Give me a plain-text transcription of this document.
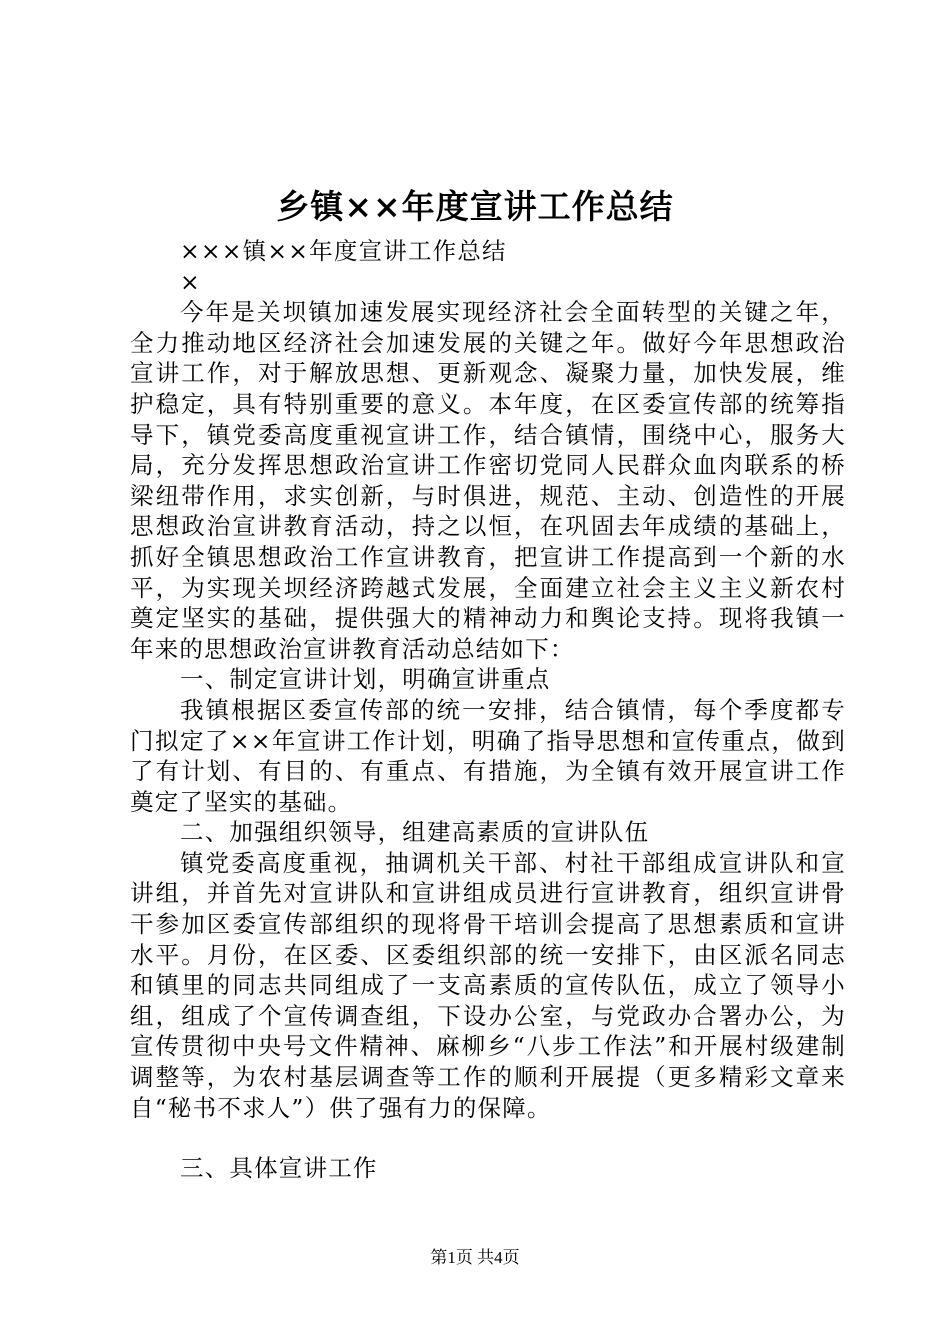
乡镇××年度宣讲工作总结

×××镇××年度宣讲工作总结

×

今年是关坝镇加速发展实现经济社会全面转型的关键之年，全力推动地区经济社会加速发展的关键之年。做好今年思想政治宣讲工作，对于解放思想、更新观念、凝聚力量，加快发展，维护稳定，具有特别重要的意义。本年度，在区委宣传部的统筹指导下，镇党委高度重视宣讲工作，结合镇情，围绕中心，服务大局，充分发挥思想政治宣讲工作密切党同人民群众血肉联系的桥梁纽带作用，求实创新，与时俱进，规范、主动、创造性的开展思想政治宣讲教育活动，持之以恒，在巩固去年成绩的基础上，抓好全镇思想政治工作宣讲教育，把宣讲工作提高到一个新的水平，为实现关坝经济跨越式发展，全面建立社会主义主义新农村奠定坚实的基础，提供强大的精神动力和舆论支持。现将我镇一年来的思想政治宣讲教育活动总结如下：

一、制定宣讲计划，明确宣讲重点

我镇根据区委宣传部的统一安排，结合镇情，每个季度都专门拟定了××年宣讲工作计划，明确了指导思想和宣传重点，做到了有计划、有目的、有重点、有措施，为全镇有效开展宣讲工作奠定了坚实的基础。

二、加强组织领导，组建高素质的宣讲队伍

镇党委高度重视，抽调机关干部、村社干部组成宣讲队和宣讲组，并首先对宣讲队和宣讲组成员进行宣讲教育，组织宣讲骨干参加区委宣传部组织的现将骨干培训会提高了思想素质和宣讲水平。月份，在区委、区委组织部的统一安排下，由区派名同志和镇里的同志共同组成了一支高素质的宣传队伍，成立了领导小组，组成了个宣传调查组，下设办公室，与党政办合署办公，为宣传贯彻中央号文件精神、麻柳乡“八步工作法”和开展村级建制调整等，为农村基层调查等工作的顺利开展提（更多精彩文章来自“秘书不求人”）供了强有力的保障。

三、具体宣讲工作

第1页 共4页
